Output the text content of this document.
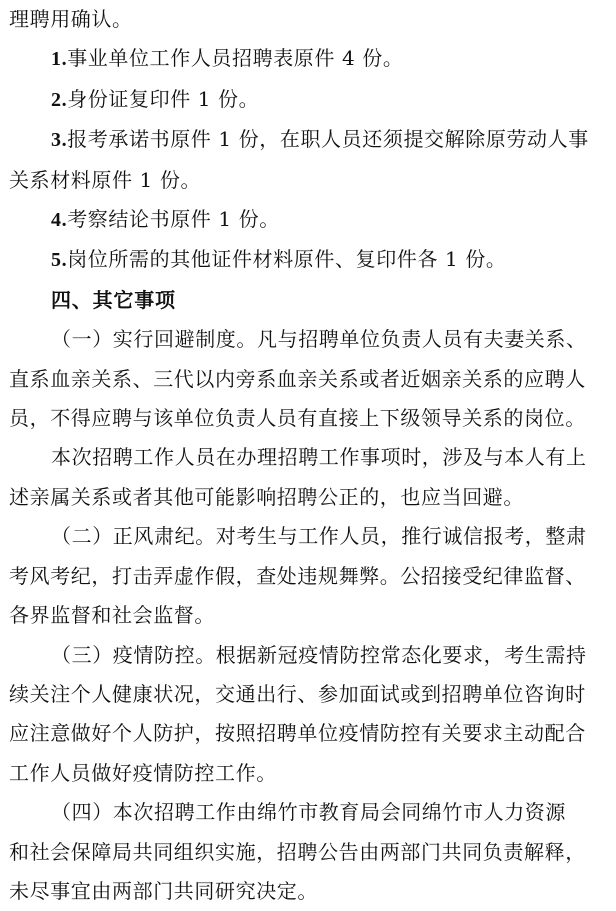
理聘用确认。

1.事业单位工作人员招聘表原件 4 份。

2.身份证复印件 1 份。

3.报考承诺书原件 1 份，在职人员还须提交解除原劳动人事

关系材料原件 1 份。

4.考察结论书原件 1 份。

5.岗位所需的其他证件材料原件、复印件各 1 份。

四、其它事项

（一）实行回避制度。凡与招聘单位负责人员有夫妻关系、

直系血亲关系、三代以内旁系血亲关系或者近姻亲关系的应聘人

员，不得应聘与该单位负责人员有直接上下级领导关系的岗位。

本次招聘工作人员在办理招聘工作事项时，涉及与本人有上

述亲属关系或者其他可能影响招聘公正的，也应当回避。

（二）正风肃纪。对考生与工作人员，推行诚信报考，整肃

考风考纪，打击弄虚作假，查处违规舞弊。公招接受纪律监督、

各界监督和社会监督。

（三）疫情防控。根据新冠疫情防控常态化要求，考生需持

续关注个人健康状况，交通出行、参加面试或到招聘单位咨询时

应注意做好个人防护，按照招聘单位疫情防控有关要求主动配合

工作人员做好疫情防控工作。

（四）本次招聘工作由绵竹市教育局会同绵竹市人力资源

和社会保障局共同组织实施，招聘公告由两部门共同负责解释，

未尽事宜由两部门共同研究决定。
